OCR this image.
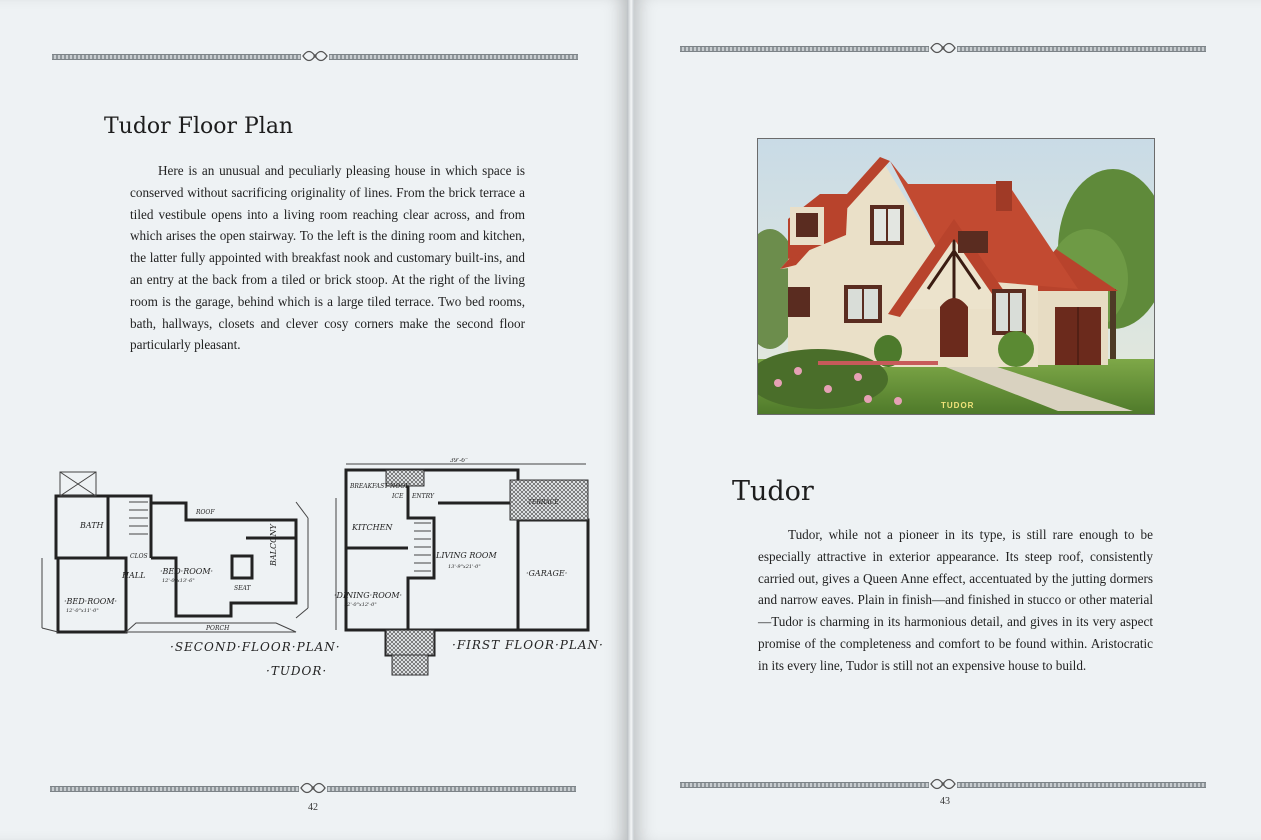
Tudor Floor Plan

Here is an unusual and peculiarly pleasing house in which space is conserved without sacrificing originality of lines. From the brick terrace a tiled vestibule opens into a living room reaching clear across, and from which arises the open stairway. To the left is the dining room and kitchen, the latter fully appointed with breakfast nook and customary built-ins, and an entry at the back from a tiled or brick stoop. At the right of the living room is the garage, behind which is a large tiled terrace. Two bed rooms, bath, hallways, closets and clever cosy corners make the second floor particularly pleasant.

BATH
·BED·ROOM·
·BED·ROOM·
BALCONY
HALL
BREAKFAST NOOK
KITCHEN
LIVING ROOM
·DINING·ROOM·
·GARAGE·
TERRACE
ENTRY
ICE
CLOS
SEAT
ROOF
PORCH
39'-6"
13'-9"x21'-0"
12'-0"x12'-0"
12'-0"x13'-6"
12'-0"x11'-0"
·SECOND·FLOOR·PLAN·	·FIRST FLOOR·PLAN·
·TUDOR·
42
TUDOR
Tudor

Tudor, while not a pioneer in its type, is still rare enough to be especially attractive in exterior appearance. Its steep roof, consistently carried out, gives a Queen Anne effect, accentuated by the jutting dormers and narrow eaves. Plain in finish—and finished in stucco or other material—Tudor is charming in its harmonious detail, and gives in its very aspect promise of the completeness and comfort to be found within. Aristocratic in its every line, Tudor is still not an expensive house to build.

43
